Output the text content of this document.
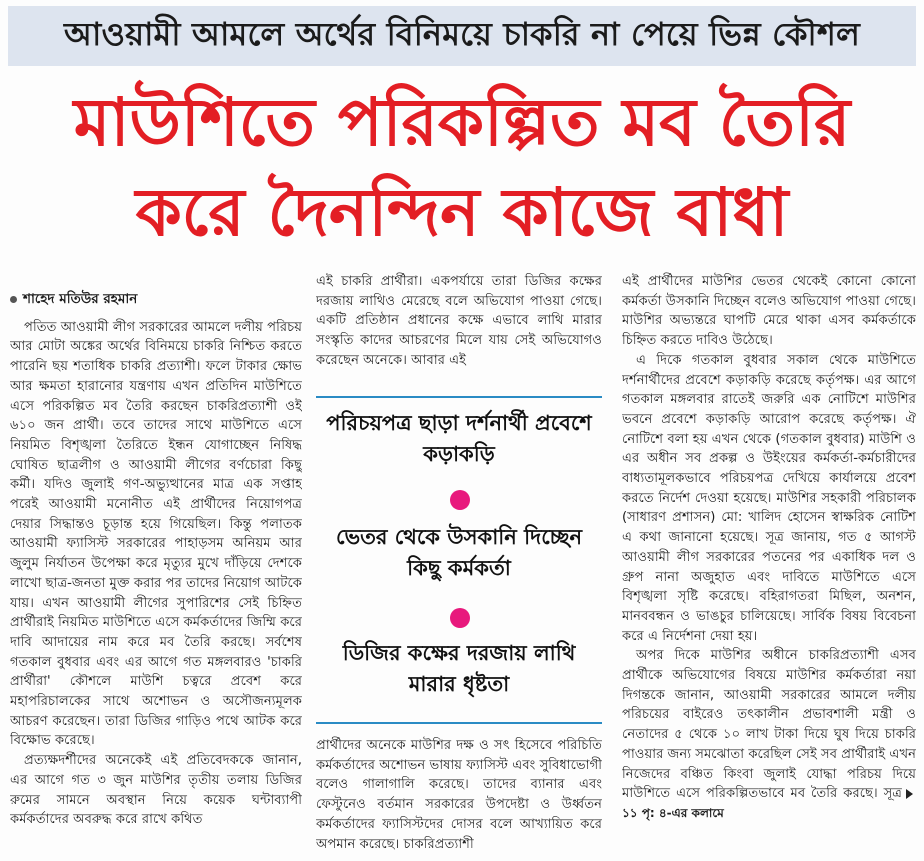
আওয়ামী আমলে অর্থের বিনিময়ে চাকরি না পেয়ে ভিন্ন কৌশল
মাউশিতে পরিকল্পিত মব তৈরি
করে দৈনন্দিন কাজে বাধা
শাহেদ মতিউর রহমান

পতিত আওয়ামী লীগ সরকারের আমলে দলীয় পরিচয় আর মোটা অঙ্কের অর্থের বিনিময়ে চাকরি নিশ্চিত করতে পারেনি ছয় শতাধিক চাকরি প্রত্যাশী। ফলে টাকার ক্ষোভ আর ক্ষমতা হারানোর যন্ত্রণায় এখন প্রতিদিন মাউশিতে এসে পরিকল্পিত মব তৈরি করছেন চাকরিপ্রত্যাশী ওই ৬১০ জন প্রার্থী। তবে তাদের সাথে মাউশিতে এসে নিয়মিত বিশৃঙ্খলা তৈরিতে ইন্ধন যোগাচ্ছেন নিষিদ্ধ ঘোষিত ছাত্রলীগ ও আওয়ামী লীগের বর্ণচোরা কিছু কর্মী। যদিও জুলাই গণ-অভ্যুত্থানের মাত্র এক সপ্তাহ পরেই আওয়ামী মনোনীত এই প্রার্থীদের নিয়োগপত্র দেয়ার সিদ্ধান্তও চূড়ান্ত হয়ে গিয়েছিল। কিন্তু পলাতক আওয়ামী ফ্যাসিস্ট সরকারের পাহাড়সম অনিয়ম আর জুলুম নির্যাতন উপেক্ষা করে মৃত্যুর মুখে দাঁড়িয়ে দেশকে লাখো ছাত্র-জনতা মুক্ত করার পর তাদের নিয়োগ আটকে যায়। এখন আওয়ামী লীগের সুপারিশের সেই চিহ্নিত প্রার্থীরাই নিয়মিত মাউশিতে এসে কর্মকর্তাদের জিম্মি করে দাবি আদায়ের নাম করে মব তৈরি করছে। সর্বশেষ গতকাল বুধবার এবং এর আগে গত মঙ্গলবারও 'চাকরি প্রার্থীরা' কৌশলে মাউশি চত্বরে প্রবেশ করে মহাপরিচালকের সাথে অশোভন ও অসৌজন্যমূলক আচরণ করেছেন। তারা ডিজির গাড়িও পথে আটক করে বিক্ষোভ করেছে।

প্রত্যক্ষদর্শীদের অনেকেই এই প্রতিবেদককে জানান, এর আগে গত ৩ জুন মাউশির তৃতীয় তলায় ডিজির রুমের সামনে অবস্থান নিয়ে কয়েক ঘন্টাব্যাপী কর্মকর্তাদের অবরুদ্ধ করে রাখে কথিত

এই চাকরি প্রার্থীরা। একপর্যায়ে তারা ডিজির কক্ষের দরজায় লাথিও মেরেছে বলে অভিযোগ পাওয়া গেছে। একটি প্রতিষ্ঠান প্রধানের কক্ষে এভাবে লাথি মারার সংস্কৃতি কাদের আচরণের মিলে যায় সেই অভিযোগও করেছেন অনেকে। আবার এই

পরিচয়পত্র ছাড়া দর্শনার্থী প্রবেশে কড়াকড়ি
ভেতর থেকে উসকানি দিচ্ছেন কিছু কর্মকর্তা
ডিজির কক্ষের দরজায় লাথি মারার ধৃষ্টতা

প্রার্থীদের অনেকে মাউশির দক্ষ ও সৎ হিসেবে পরিচিতি কর্মকর্তাদের অশোভন ভাষায় ফ্যাসিস্ট এবং সুবিধাভোগী বলেও গালাগালি করেছে। তাদের ব্যানার এবং ফেস্টুনেও বর্তমান সরকারের উপদেষ্টা ও উর্ধ্বতন কর্মকর্তাদের ফ্যাসিস্টদের দোসর বলে আখ্যায়িত করে অপমান করেছে। চাকরিপ্রত্যাশী

এই প্রার্থীদের মাউশির ভেতর থেকেই কোনো কোনো কর্মকর্তা উসকানি দিচ্ছেন বলেও অভিযোগ পাওয়া গেছে। মাউশির অভ্যন্তরে ঘাপটি মেরে থাকা এসব কর্মকর্তাকে চিহ্নিত করতে দাবিও উঠেছে।

এ দিকে গতকাল বুধবার সকাল থেকে মাউশিতে দর্শনার্থীদের প্রবেশে কড়াকড়ি করেছে কর্তৃপক্ষ। এর আগে গতকাল মঙ্গলবার রাতেই জরুরি এক নোটিশে মাউশির ভবনে প্রবেশে কড়াকড়ি আরোপ করেছে কর্তৃপক্ষ। ঐ নোটিশে বলা হয় এখন থেকে (গতকাল বুধবার) মাউশি ও এর অধীন সব প্রকল্প ও উইংয়ের কর্মকর্তা-কর্মচারীদের বাধ্যতামূলকভাবে পরিচয়পত্র দেখিয়ে কার্যালয়ে প্রবেশ করতে নির্দেশ দেওয়া হয়েছে। মাউশির সহকারী পরিচালক (সাধারণ প্রশাসন) মো: খালিদ হোসেন স্বাক্ষরিক নোটিশ এ কথা জানানো হয়েছে। সূত্র জানায়, গত ৫ আগস্ট আওয়ামী লীগ সরকারের পতনের পর একাধিক দল ও গ্রুপ নানা অজুহাত এবং দাবিতে মাউশিতে এসে বিশৃঙ্খলা সৃষ্টি করেছে। বহিরাগতরা মিছিল, অনশন, মানববন্ধন ও ভাঙচুর চালিয়েছে। সার্বিক বিষয় বিবেচনা করে এ নির্দেশনা দেয়া হয়।

অপর দিকে মাউশির অধীনে চাকরিপ্রত্যাশী এসব প্রার্থীকে অভিযোগের বিষয়ে মাউশির কর্মকর্তারা নয়া দিগন্তকে জানান, আওয়ামী সরকারের আমলে দলীয় পরিচয়ের বাইরেও তৎকালীন প্রভাবশালী মন্ত্রী ও নেতাদের ৫ থেকে ১০ লাখ টাকা দিয়ে ঘুষ দিয়ে চাকরি পাওয়ার জন্য সমঝোতা করেছিল সেই সব প্রার্থীরাই এখন নিজেদের বঞ্চিত কিংবা জুলাই যোদ্ধা পরিচয় দিয়ে মাউশিতে এসে পরিকল্পিতভাবে মব তৈরি করছে। সূত্র১১ পৃ: ৪-এর কলামে
